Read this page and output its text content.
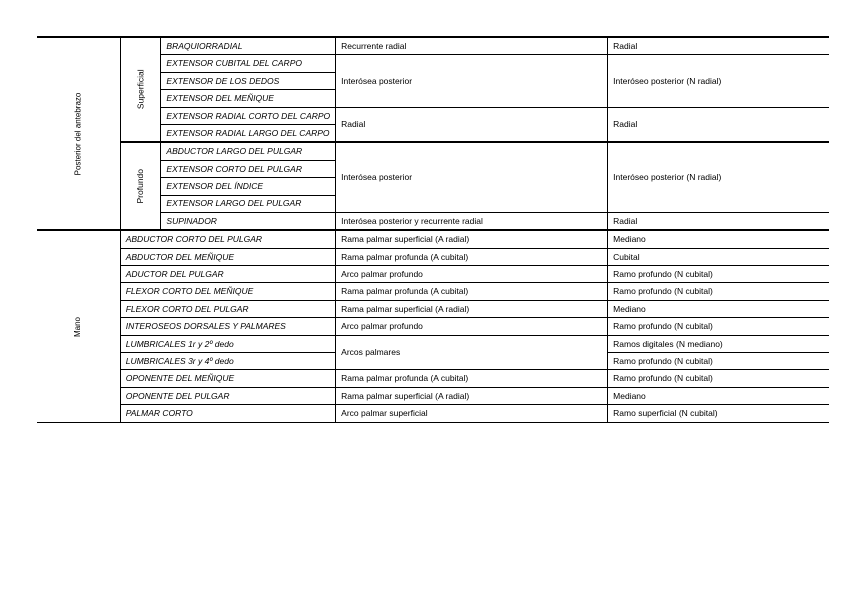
Posterior del antebrazo	Superficial	BRAQUIORRADIAL	Recurrente radial	Radial
		EXTENSOR CUBITAL DEL CARPO	Interósea posterior	Interóseo posterior (N radial)
		EXTENSOR DE LOS DEDOS		
		EXTENSOR DEL MEÑIQUE		
		EXTENSOR RADIAL CORTO DEL CARPO	Radial	Radial
		EXTENSOR RADIAL LARGO DEL CARPO		
	Profundo	ABDUCTOR LARGO DEL PULGAR	Interósea posterior	Interóseo posterior (N radial)
		EXTENSOR CORTO DEL PULGAR		
		EXTENSOR DEL ÍNDICE		
		EXTENSOR LARGO DEL PULGAR		
		SUPINADOR	Interósea posterior y recurrente radial	Radial
Mano	ABDUCTOR CORTO DEL PULGAR		Rama palmar superficial (A radial)	Mediano
	ABDUCTOR DEL MEÑIQUE		Rama palmar profunda (A cubital)	Cubital
	ADUCTOR DEL PULGAR		Arco palmar profundo	Ramo profundo (N cubital)
	FLEXOR CORTO DEL MEÑIQUE		Rama palmar profunda (A cubital)	Ramo profundo (N cubital)
	FLEXOR CORTO DEL PULGAR		Rama palmar superficial (A radial)	Mediano
	INTEROSEOS DORSALES Y PALMARES		Arco palmar profundo	Ramo profundo (N cubital)
	LUMBRICALES 1r y 2º dedo		Arcos palmares	Ramos digitales (N mediano)
	LUMBRICALES 3r y 4º dedo			Ramo profundo (N cubital)
	OPONENTE DEL MEÑIQUE		Rama palmar profunda (A cubital)	Ramo profundo (N cubital)
	OPONENTE DEL PULGAR		Rama palmar superficial (A radial)	Mediano
	PALMAR CORTO		Arco palmar superficial	Ramo superficial (N cubital)
